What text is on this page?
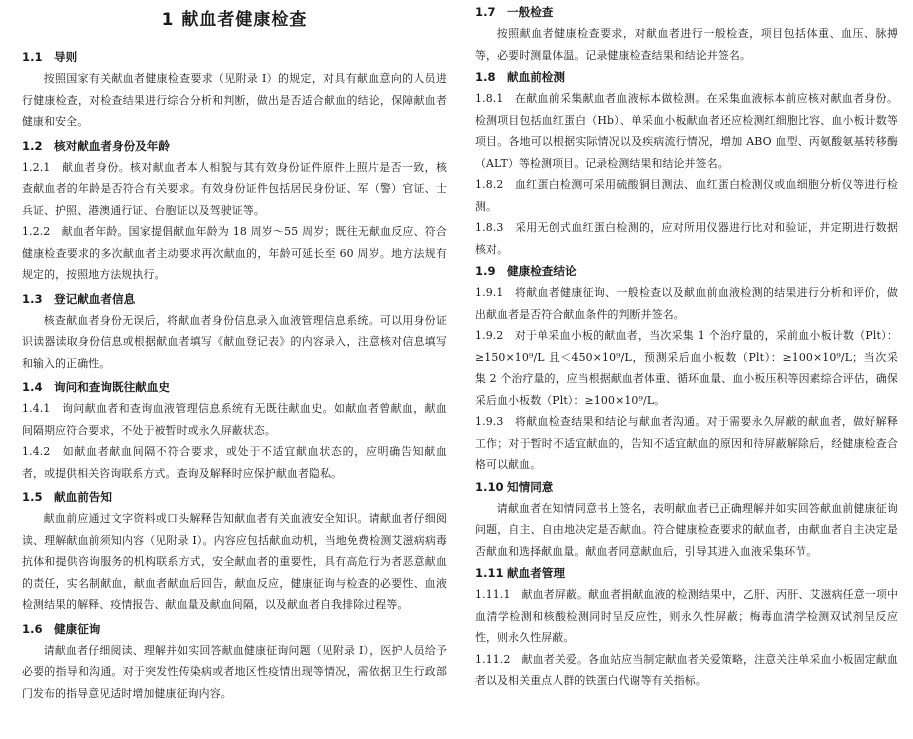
1 献血者健康检查
1.1 导则
按照国家有关献血者健康检查要求（见附录 I）的规定，对具有献血意向的人员进行健康检查，对检查结果进行综合分析和判断，做出是否适合献血的结论，保障献血者健康和安全。
1.2 核对献血者身份及年龄
1.2.1　献血者身份。核对献血者本人相貌与其有效身份证件原件上照片是否一致，核查献血者的年龄是否符合有关要求。有效身份证件包括居民身份证、军（警）官证、士兵证、护照、港澳通行证、台胞证以及驾驶证等。
1.2.2　献血者年龄。国家提倡献血年龄为 18 周岁～55 周岁；既往无献血反应、符合健康检查要求的多次献血者主动要求再次献血的，年龄可延长至 60 周岁。地方法规有规定的，按照地方法规执行。
1.3 登记献血者信息
核查献血者身份无误后，将献血者身份信息录入血液管理信息系统。可以用身份证识读器读取身份信息或根据献血者填写《献血登记表》的内容录入，注意核对信息填写和输入的正确性。
1.4 询问和查询既往献血史
1.4.1　询问献血者和查询血液管理信息系统有无既往献血史。如献血者曾献血，献血间隔期应符合要求，不处于被暂时或永久屏蔽状态。
1.4.2　如献血者献血间隔不符合要求，或处于不适宜献血状态的，应明确告知献血者，或提供相关咨询联系方式。查询及解释时应保护献血者隐私。
1.5 献血前告知
献血前应通过文字资料或口头解释告知献血者有关血液安全知识。请献血者仔细阅读、理解献血前须知内容（见附录 I）。内容应包括献血动机，当地免费检测艾滋病病毒抗体和提供咨询服务的机构联系方式，安全献血者的重要性，具有高危行为者恶意献血的责任，实名制献血，献血者献血后回告，献血反应，健康征询与检查的必要性、血液检测结果的解释、疫情报告、献血量及献血间隔，以及献血者自我排除过程等。
1.6 健康征询
请献血者仔细阅读、理解并如实回答献血健康征询问题（见附录 I），医护人员给予必要的指导和沟通。对于突发性传染病或者地区性疫情出现等情况，需依据卫生行政部门发布的指导意见适时增加健康征询内容。
1.7 一般检查
按照献血者健康检查要求，对献血者进行一般检查，项目包括体重、血压、脉搏等，必要时测量体温。记录健康检查结果和结论并签名。
1.8 献血前检测
1.8.1　在献血前采集献血者血液标本做检测。在采集血液标本前应核对献血者身份。检测项目包括血红蛋白（Hb）、单采血小板献血者还应检测红细胞比容、血小板计数等项目。各地可以根据实际情况以及疾病流行情况，增加 ABO 血型、丙氨酸氨基转移酶（ALT）等检测项目。记录检测结果和结论并签名。
1.8.2　血红蛋白检测可采用硫酸铜目测法、血红蛋白检测仪或血细胞分析仪等进行检测。
1.8.3　采用无创式血红蛋白检测的，应对所用仪器进行比对和验证，并定期进行数据核对。
1.9 健康检查结论
1.9.1　将献血者健康征询、一般检查以及献血前血液检测的结果进行分析和评价，做出献血者是否符合献血条件的判断并签名。
1.9.2　对于单采血小板的献血者，当次采集 1 个治疗量的，采前血小板计数（Plt）：≥150×10⁹/L 且＜450×10⁹/L，预测采后血小板数（Plt）：≥100×10⁹/L；当次采集 2 个治疗量的，应当根据献血者体重、循环血量、血小板压积等因素综合评估，确保采后血小板数（Plt）：≥100×10⁹/L。
1.9.3　将献血检查结果和结论与献血者沟通。对于需要永久屏蔽的献血者，做好解释工作；对于暂时不适宜献血的，告知不适宜献血的原因和待屏蔽解除后，经健康检查合格可以献血。
1.10 知情同意
请献血者在知情同意书上签名，表明献血者已正确理解并如实回答献血前健康征询问题，自主、自由地决定是否献血。符合健康检查要求的献血者，由献血者自主决定是否献血和选择献血量。献血者同意献血后，引导其进入血液采集环节。
1.11 献血者管理
1.11.1　献血者屏蔽。献血者捐献血液的检测结果中，乙肝、丙肝、艾滋病任意一项中血清学检测和核酸检测同时呈反应性，则永久性屏蔽；梅毒血清学检测双试剂呈反应性，则永久性屏蔽。
1.11.2　献血者关爱。各血站应当制定献血者关爱策略，注意关注单采血小板固定献血者以及相关重点人群的铁蛋白代谢等有关指标。
